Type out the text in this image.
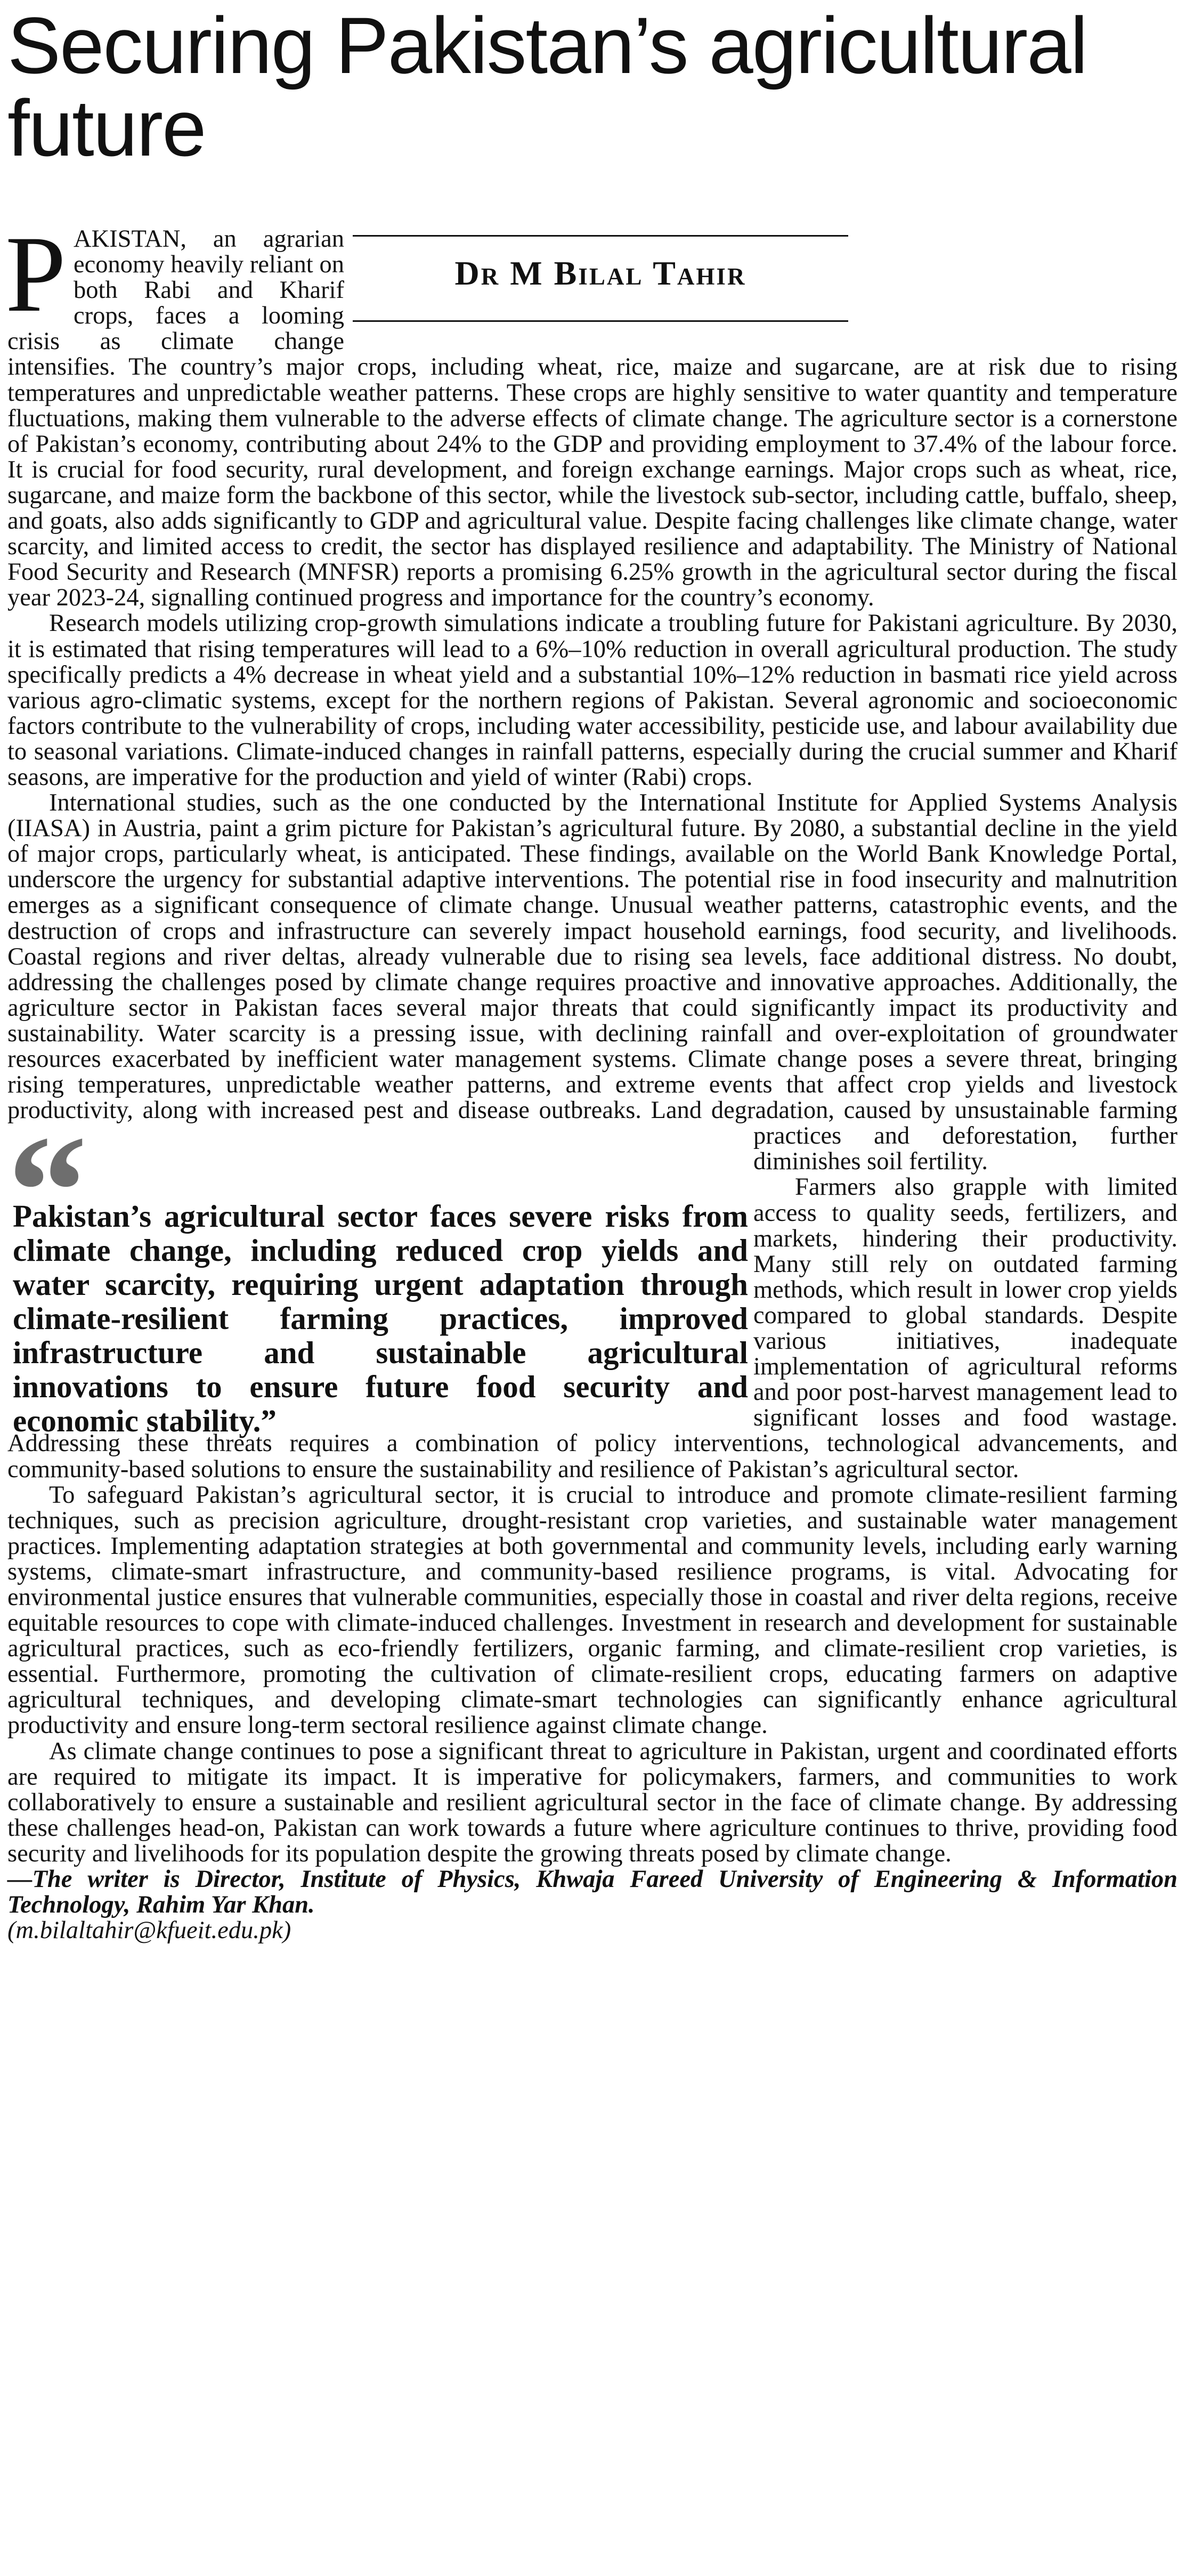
Securing Pakistan’s agricultural future
“

Pakistan’s agricultural sector faces severe risks from climate change, including reduced crop yields and water scarcity, requiring urgent adaptation through climate-resilient farming practices, improved infrastructure and sustainable agricultural innovations to ensure future food security and economic stability.”

Dr M Bilal Tahir

PAKISTAN, an agrarian economy heavily reliant on both Rabi and Kharif crops, faces a looming crisis as climate change intensifies. The country’s major crops, including wheat, rice, maize and sugarcane, are at risk due to rising temperatures and unpredictable weather patterns. These crops are highly sensitive to water quantity and temperature fluctuations, making them vulnerable to the adverse effects of climate change. The agriculture sector is a cornerstone of Pakistan’s economy, contributing about 24% to the GDP and providing employment to 37.4% of the labour force. It is crucial for food security, rural development, and foreign exchange earnings. Major crops such as wheat, rice, sugarcane, and maize form the backbone of this sector, while the livestock sub-sector, including cattle, buffalo, sheep, and goats, also adds significantly to GDP and agricultural value. Despite facing challenges like climate change, water scarcity, and limited access to credit, the sector has displayed resilience and adaptability. The Ministry of National Food Security and Research (MNFSR) reports a promising 6.25% growth in the agricultural sector during the fiscal year 2023-24, signalling continued progress and importance for the country’s economy.

Research models utilizing crop-growth simulations indicate a troubling future for Pakistani agriculture. By 2030, it is estimated that rising temperatures will lead to a 6%–10% reduction in overall agricultural production. The study specifically predicts a 4% decrease in wheat yield and a substantial 10%–12% reduction in basmati rice yield across various agro-climatic systems, except for the northern regions of Pakistan. Several agronomic and socioeconomic factors contribute to the vulnerability of crops, including water accessibility, pesticide use, and labour availability due to seasonal variations. Climate-induced changes in rainfall patterns, especially during the crucial summer and Kharif seasons, are imperative for the production and yield of winter (Rabi) crops.

International studies, such as the one conducted by the International Institute for Applied Systems Analysis (IIASA) in Austria, paint a grim picture for Pakistan’s agricultural future. By 2080, a substantial decline in the yield of major crops, particularly wheat, is anticipated. These findings, available on the World Bank Knowledge Portal, underscore the urgency for substantial adaptive interventions. The potential rise in food insecurity and malnutrition emerges as a significant consequence of climate change. Unusual weather patterns, catastrophic events, and the destruction of crops and infrastructure can severely impact household earnings, food security, and livelihoods. Coastal regions and river deltas, already vulnerable due to rising sea levels, face additional distress. No doubt, addressing the challenges posed by climate change requires proactive and innovative approaches. Additionally, the agriculture sector in Pakistan faces several major threats that could significantly impact its productivity and sustainability. Water scarcity is a pressing issue, with declining rainfall and over-exploitation of groundwater resources exacerbated by inefficient water management systems. Climate change poses a severe threat, bringing rising temperatures, unpredictable weather patterns, and extreme events that affect crop yields and livestock productivity, along with increased pest and disease outbreaks. Land degradation, caused by unsustainable farming
practices and deforestation, further diminishes soil fertility.

Farmers also grapple with limited access to quality seeds, fertilizers, and markets, hindering their productivity. Many still rely on outdated farming methods, which result in lower crop yields compared to global standards. Despite various initiatives, inadequate implementation of agricultural reforms and poor post-harvest management lead to significant losses and food wastage. Addressing these threats requires a combination of policy interventions, technological advancements, and community-based solutions to ensure the sustainability and resilience of Pakistan’s agricultural sector.

To safeguard Pakistan’s agricultural sector, it is crucial to introduce and promote climate-resilient farming techniques, such as precision agriculture, drought-resistant crop varieties, and sustainable water management practices. Implementing adaptation strategies at both governmental and community levels, including early warning systems, climate-smart infrastructure, and community-based resilience programs, is vital. Advocating for environmental justice ensures that vulnerable communities, especially those in coastal and river delta regions, receive equitable resources to cope with climate-induced challenges. Investment in research and development for sustainable agricultural practices, such as eco-friendly fertilizers, organic farming, and climate-resilient crop varieties, is essential. Furthermore, promoting the cultivation of climate-resilient crops, educating farmers on adaptive agricultural techniques, and developing climate-smart technologies can significantly enhance agricultural productivity and ensure long-term sectoral resilience against climate change.

As climate change continues to pose a significant threat to agriculture in Pakistan, urgent and coordinated efforts are required to mitigate its impact. It is imperative for policymakers, farmers, and communities to work collaboratively to ensure a sustainable and resilient agricultural sector in the face of climate change. By addressing these challenges head-on, Pakistan can work towards a future where agriculture continues to thrive, providing food security and livelihoods for its population despite the growing threats posed by climate change.

—The writer is Director, Institute of Physics, Khwaja Fareed University of Engineering & Information Technology, Rahim Yar Khan.

(m.bilaltahir@kfueit.edu.pk)
